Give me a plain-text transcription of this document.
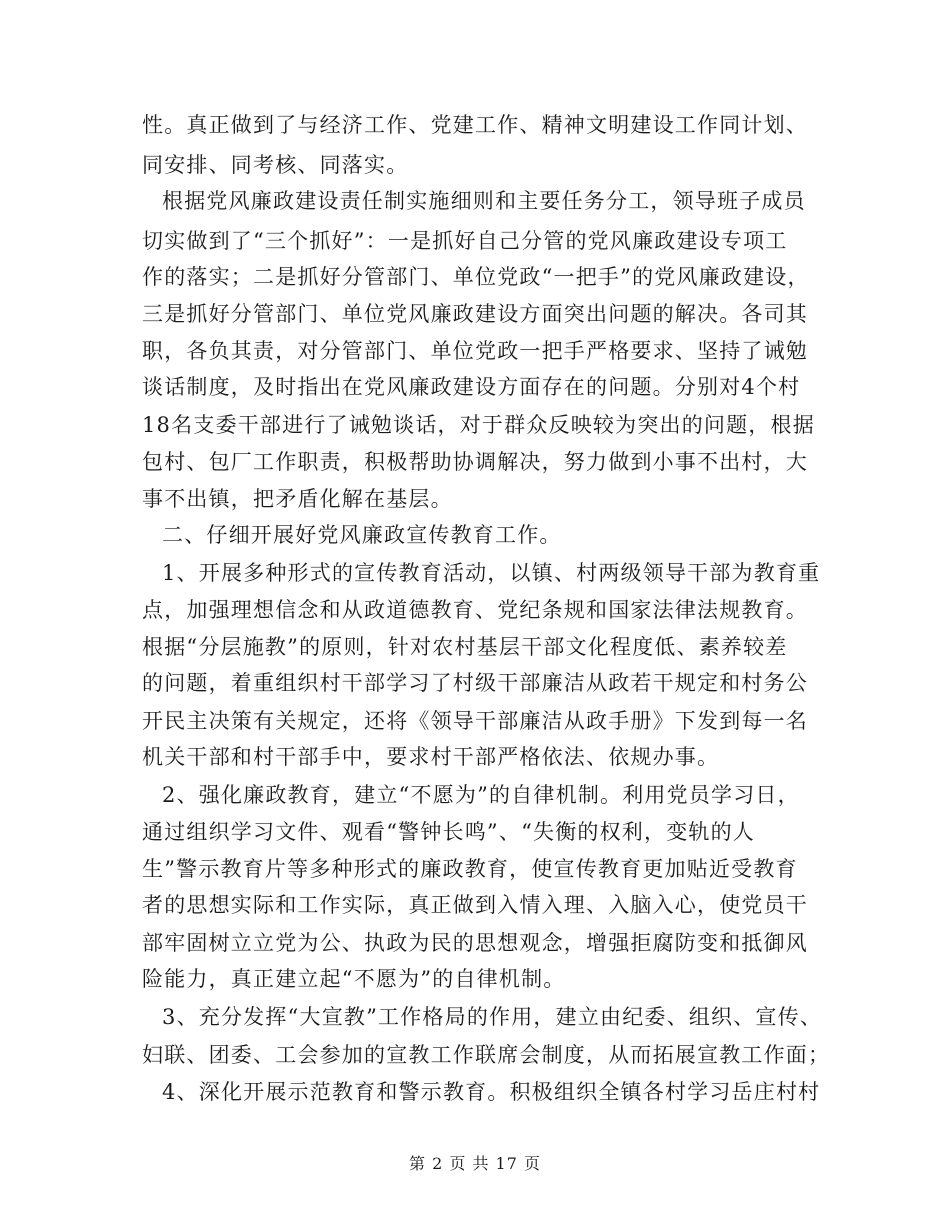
性。真正做到了与经济工作、党建工作、精神文明建设工作同计划、
同安排、同考核、同落实。
根据党风廉政建设责任制实施细则和主要任务分工，领导班子成员
切实做到了“三个抓好”：一是抓好自己分管的党风廉政建设专项工
作的落实；二是抓好分管部门、单位党政“一把手”的党风廉政建设，
三是抓好分管部门、单位党风廉政建设方面突出问题的解决。各司其
职，各负其责，对分管部门、单位党政一把手严格要求、坚持了诫勉
谈话制度，及时指出在党风廉政建设方面存在的问题。分别对4个村
18名支委干部进行了诫勉谈话，对于群众反映较为突出的问题，根据
包村、包厂工作职责，积极帮助协调解决，努力做到小事不出村，大
事不出镇，把矛盾化解在基层。
二、仔细开展好党风廉政宣传教育工作。
1、开展多种形式的宣传教育活动，以镇、村两级领导干部为教育重
点，加强理想信念和从政道德教育、党纪条规和国家法律法规教育。
根据“分层施教”的原则，针对农村基层干部文化程度低、素养较差
的问题，着重组织村干部学习了村级干部廉洁从政若干规定和村务公
开民主决策有关规定，还将《领导干部廉洁从政手册》下发到每一名
机关干部和村干部手中，要求村干部严格依法、依规办事。
2、强化廉政教育，建立“不愿为”的自律机制。利用党员学习日，
通过组织学习文件、观看“警钟长鸣”、“失衡的权利，变轨的人
生”警示教育片等多种形式的廉政教育，使宣传教育更加贴近受教育
者的思想实际和工作实际，真正做到入情入理、入脑入心，使党员干
部牢固树立立党为公、执政为民的思想观念，增强拒腐防变和抵御风
险能力，真正建立起“不愿为”的自律机制。
3、充分发挥“大宣教”工作格局的作用，建立由纪委、组织、宣传、
妇联、团委、工会参加的宣教工作联席会制度，从而拓展宣教工作面；
4、深化开展示范教育和警示教育。积极组织全镇各村学习岳庄村村
第 2 页 共 17 页
